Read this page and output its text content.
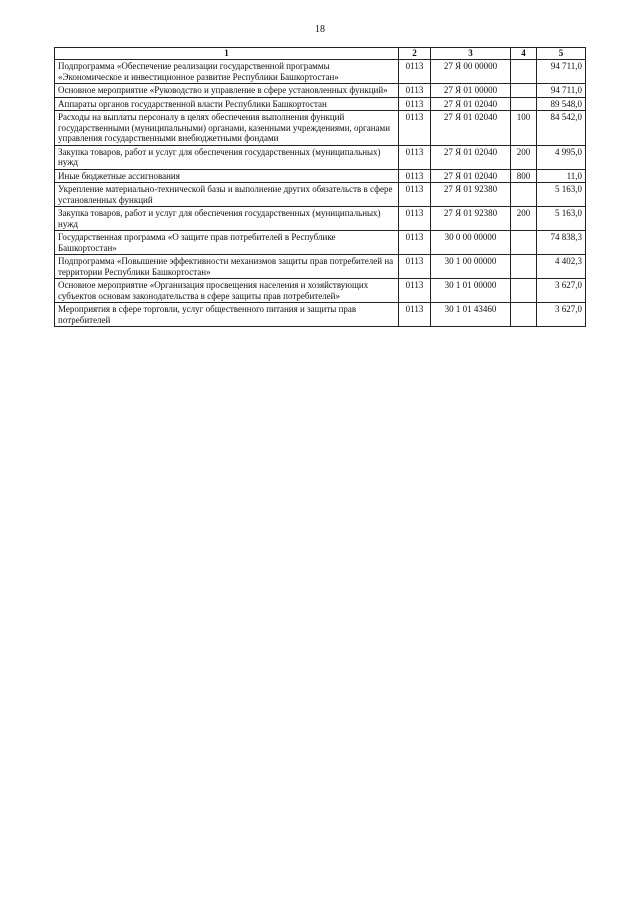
18
1	2	3	4	5
Подпрограмма «Обеспечение реализации государственной программы «Экономическое и инвестиционное развитие Республики Башкортостан»	0113	27 Я 00 00000		94 711,0
Основное мероприятие «Руководство и управление в сфере установленных функций»	0113	27 Я 01 00000		94 711,0
Аппараты органов государственной власти Республики Башкортостан	0113	27 Я 01 02040		89 548,0
Расходы на выплаты персоналу в целях обеспечения выполнения функций государственными (муниципальными) органами, казенными учреждениями, органами управления государственными внебюджетными фондами	0113	27 Я 01 02040	100	84 542,0
Закупка товаров, работ и услуг для обеспечения государственных (муниципальных) нужд	0113	27 Я 01 02040	200	4 995,0
Иные бюджетные ассигнования	0113	27 Я 01 02040	800	11,0
Укрепление материально-технической базы и выполнение других обязательств в сфере установленных функций	0113	27 Я 01 92380		5 163,0
Закупка товаров, работ и услуг для обеспечения государственных (муниципальных) нужд	0113	27 Я 01 92380	200	5 163,0
Государственная программа «О защите прав потребителей в Республике Башкортостан»	0113	30 0 00 00000		74 838,3
Подпрограмма «Повышение эффективности механизмов защиты прав потребителей на территории Республики Башкортостан»	0113	30 1 00 00000		4 402,3
Основное мероприятие «Организация просвещения населения и хозяйствующих субъектов основам законодательства в сфере защиты прав потребителей»	0113	30 1 01 00000		3 627,0
Мероприятия в сфере торговли, услуг общественного питания и защиты прав потребителей	0113	30 1 01 43460		3 627,0
